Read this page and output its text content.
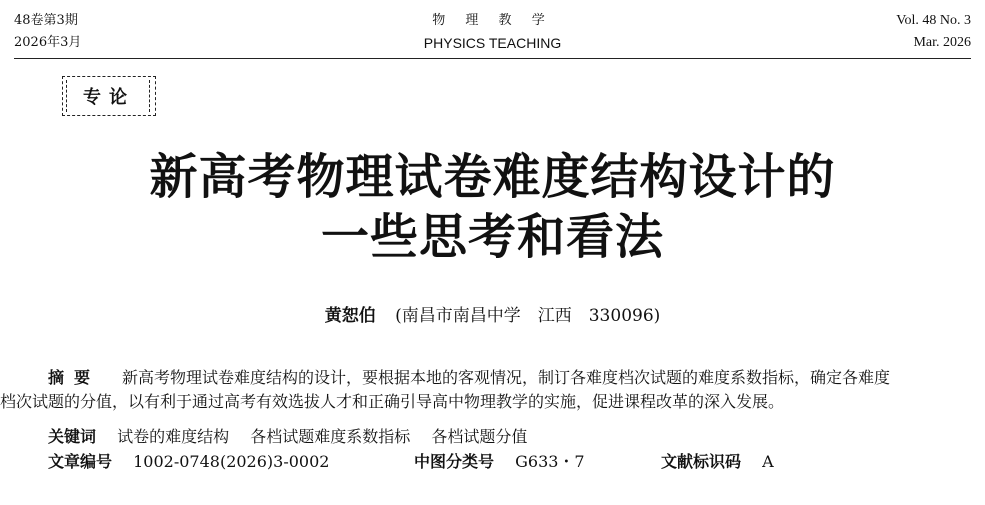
48卷第3期
2026年3月
物 理 教 学
PHYSICS TEACHING
Vol. 48 No. 3
Mar. 2026
专论
新高考物理试卷难度结构设计的
一些思考和看法
黄恕伯 (南昌市南昌中学　江西　330096)
摘要 新高考物理试卷难度结构的设计，要根据本地的客观情况，制订各难度档次试题的难度系数指标，确定各难度
档次试题的分值，以有利于通过高考有效选拔人才和正确引导高中物理教学的实施，促进课程改革的深入发展。
关键词 试卷的难度结构 各档试题难度系数指标 各档试题分值
文章编号 1002-0748(2026)3-0002	中图分类号 G633・7	文献标识码 A
